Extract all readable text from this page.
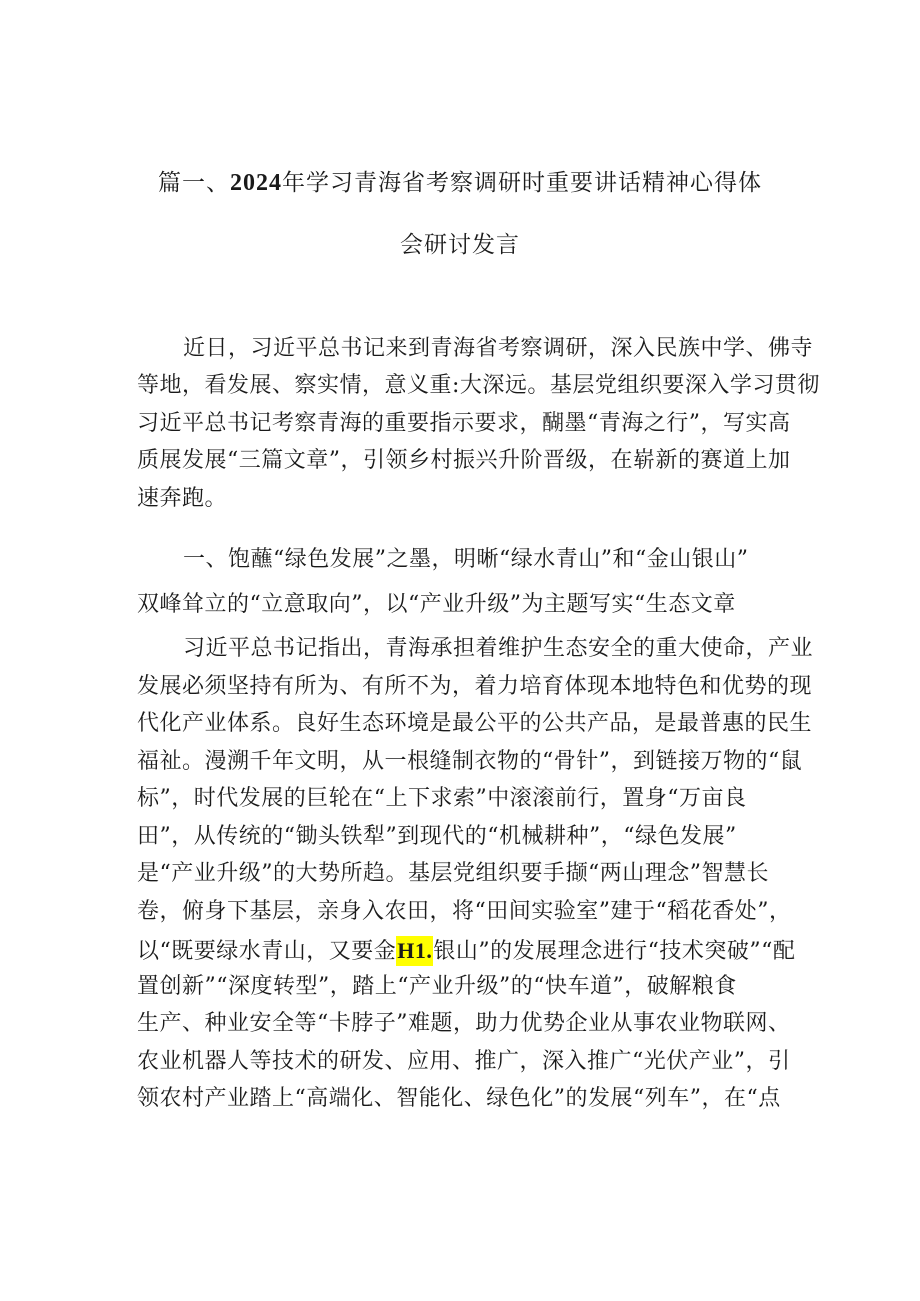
篇一、2024年学习青海省考察调研时重要讲话精神心得体
会研讨发言
近日，习近平总书记来到青海省考察调研，深入民族中学、佛寺
等地，看发展、察实情，意义重:大深远。基层党组织要深入学习贯彻
习近平总书记考察青海的重要指示要求，醐墨“青海之行”，写实高
质展发展“三篇文章”，引领乡村振兴升阶晋级，在崭新的赛道上加
速奔跑。
一、饱蘸“绿色发展”之墨，明晰“绿水青山”和“金山银山”
双峰耸立的“立意取向”，以“产业升级”为主题写实“生态文章
习近平总书记指出，青海承担着维护生态安全的重大使命，产业
发展必须坚持有所为、有所不为，着力培育体现本地特色和优势的现
代化产业体系。良好生态环境是最公平的公共产品，是最普惠的民生
福祉。漫溯千年文明，从一根缝制衣物的“骨针”，到链接万物的“鼠
标”，时代发展的巨轮在“上下求索”中滚滚前行，置身“万亩良
田”，从传统的“锄头铁犁”到现代的“机械耕种”，“绿色发展”
是“产业升级”的大势所趋。基层党组织要手撷“两山理念”智慧长
卷，俯身下基层，亲身入农田，将“田间实验室”建于“稻花香处”，
以“既要绿水青山，又要金H1.银山”的发展理念进行“技术突破”“配
置创新”“深度转型”，踏上“产业升级”的“快车道”，破解粮食
生产、种业安全等“卡脖子”难题，助力优势企业从事农业物联网、
农业机器人等技术的研发、应用、推广，深入推广“光伏产业”，引
领农村产业踏上“高端化、智能化、绿色化”的发展“列车”，在“点
